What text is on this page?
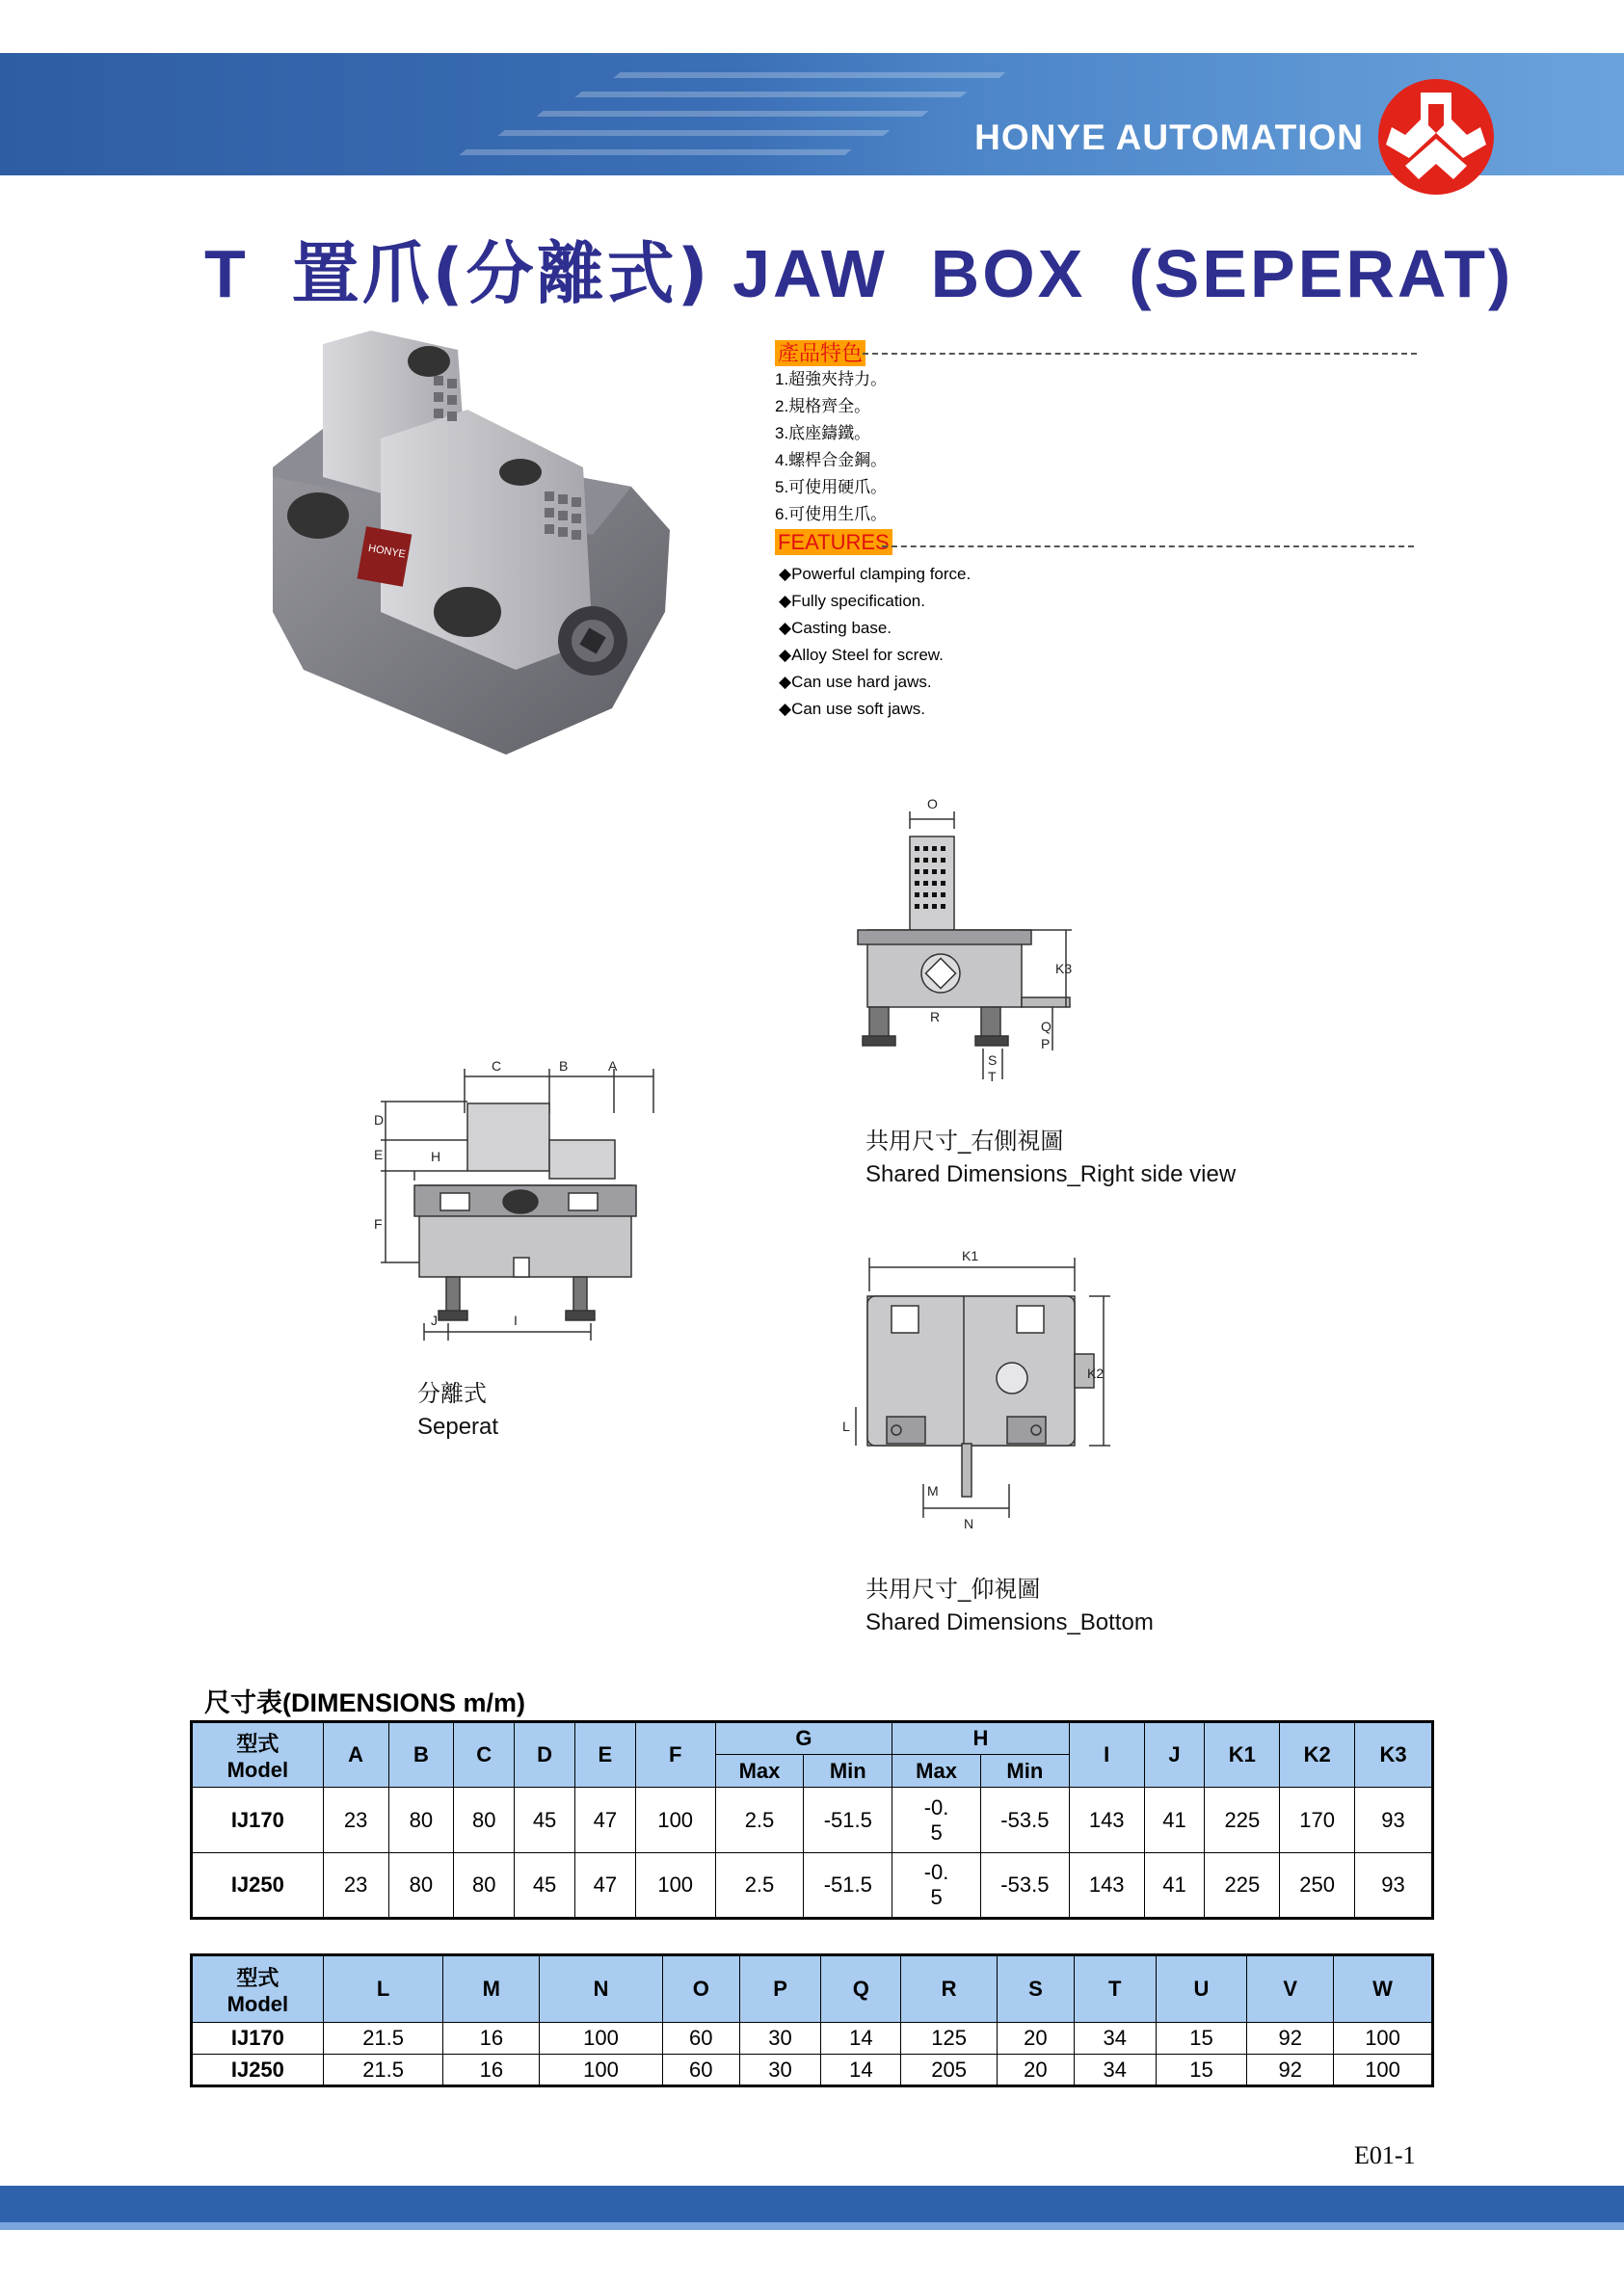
HONYE AUTOMATION
T  置爪(分離式) JAW  BOX  (SEPERAT)
HONYE
產品特色
1.超強夾持力。
2.規格齊全。
3.底座鑄鐵。
4.螺桿合金鋼。
5.可使用硬爪。
6.可使用生爪。
FEATURES
◆Powerful clamping force.
◆Fully specification.
◆Casting base.
◆Alloy Steel for screw.
◆Can use hard jaws.
◆Can use soft jaws.
O
K3
R
Q
P
S
T
共用尺寸_右側視圖
Shared Dimensions_Right side view
C	B	A
D
E	H
F
J	I
分離式
Seperat
K1
K2
L
M
N
共用尺寸_仰視圖
Shared Dimensions_Bottom
尺寸表(DIMENSIONS m/m)
型式
Model	A	B	C	D	E	F	G		H		I	J	K1	K2	K3
							Max	Min	Max	Min					
IJ170	23	80	80	45	47	100	2.5	-51.5	-0.
5	-53.5	143	41	225	170	93
IJ250	23	80	80	45	47	100	2.5	-51.5	-0.
5	-53.5	143	41	225	250	93
型式
Model	L	M	N	O	P	Q	R	S	T	U	V	W
IJ170	21.5	16	100	60	30	14	125	20	34	15	92	100
IJ250	21.5	16	100	60	30	14	205	20	34	15	92	100
E01-1
